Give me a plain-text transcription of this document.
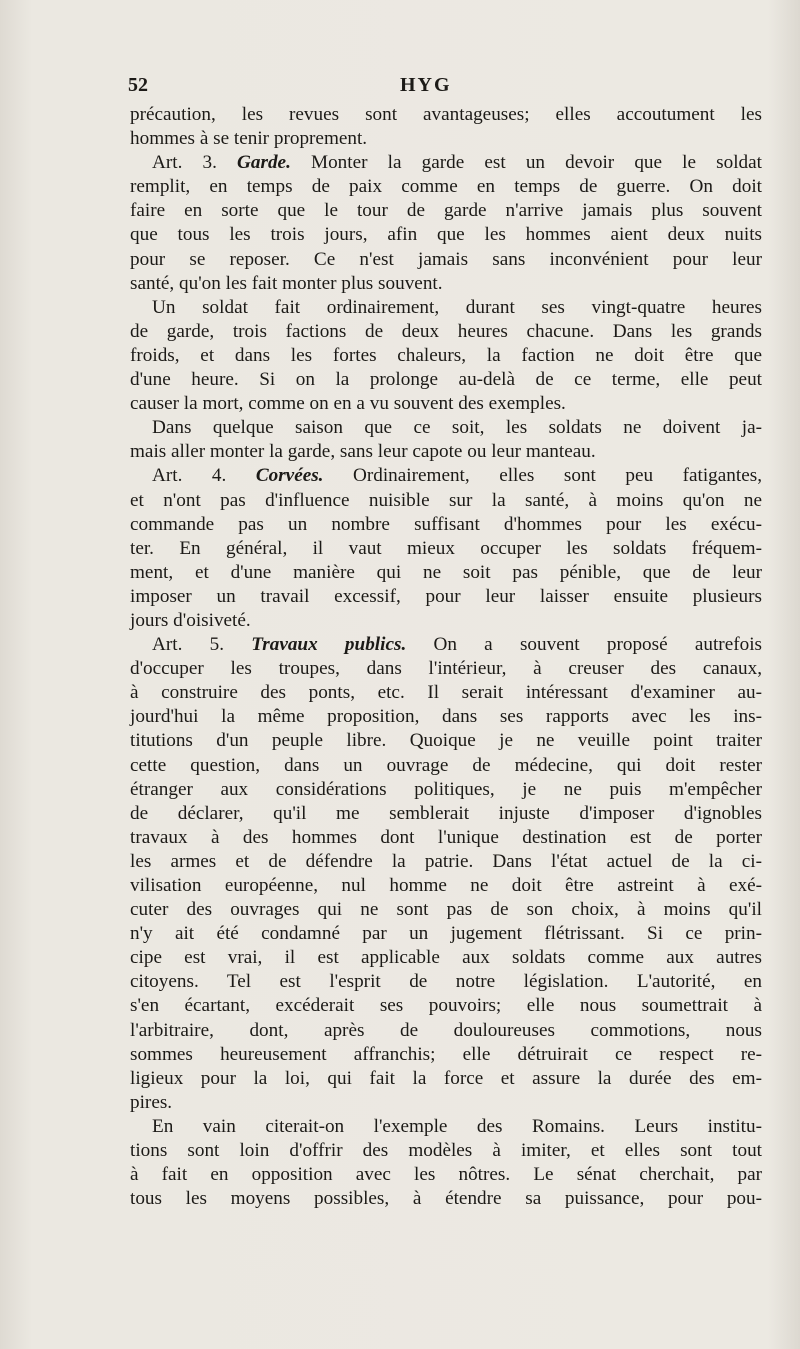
52	HYG
précaution, les revues sont avantageuses; elles accoutument les
hommes à se tenir proprement.
Art. 3. Garde. Monter la garde est un devoir que le soldat
remplit, en temps de paix comme en temps de guerre. On doit
faire en sorte que le tour de garde n'arrive jamais plus souvent
que tous les trois jours, afin que les hommes aient deux nuits
pour se reposer. Ce n'est jamais sans inconvénient pour leur
santé, qu'on les fait monter plus souvent.
Un soldat fait ordinairement, durant ses vingt-quatre heures
de garde, trois factions de deux heures chacune. Dans les grands
froids, et dans les fortes chaleurs, la faction ne doit être que
d'une heure. Si on la prolonge au-delà de ce terme, elle peut
causer la mort, comme on en a vu souvent des exemples.
Dans quelque saison que ce soit, les soldats ne doivent ja-
mais aller monter la garde, sans leur capote ou leur manteau.
Art. 4. Corvées. Ordinairement, elles sont peu fatigantes,
et n'ont pas d'influence nuisible sur la santé, à moins qu'on ne
commande pas un nombre suffisant d'hommes pour les exécu-
ter. En général, il vaut mieux occuper les soldats fréquem-
ment, et d'une manière qui ne soit pas pénible, que de leur
imposer un travail excessif, pour leur laisser ensuite plusieurs
jours d'oisiveté.
Art. 5. Travaux publics. On a souvent proposé autrefois
d'occuper les troupes, dans l'intérieur, à creuser des canaux,
à construire des ponts, etc. Il serait intéressant d'examiner au-
jourd'hui la même proposition, dans ses rapports avec les ins-
titutions d'un peuple libre. Quoique je ne veuille point traiter
cette question, dans un ouvrage de médecine, qui doit rester
étranger aux considérations politiques, je ne puis m'empêcher
de déclarer, qu'il me semblerait injuste d'imposer d'ignobles
travaux à des hommes dont l'unique destination est de porter
les armes et de défendre la patrie. Dans l'état actuel de la ci-
vilisation européenne, nul homme ne doit être astreint à exé-
cuter des ouvrages qui ne sont pas de son choix, à moins qu'il
n'y ait été condamné par un jugement flétrissant. Si ce prin-
cipe est vrai, il est applicable aux soldats comme aux autres
citoyens. Tel est l'esprit de notre législation. L'autorité, en
s'en écartant, excéderait ses pouvoirs; elle nous soumettrait à
l'arbitraire, dont, après de douloureuses commotions, nous
sommes heureusement affranchis; elle détruirait ce respect re-
ligieux pour la loi, qui fait la force et assure la durée des em-
pires.
En vain citerait-on l'exemple des Romains. Leurs institu-
tions sont loin d'offrir des modèles à imiter, et elles sont tout
à fait en opposition avec les nôtres. Le sénat cherchait, par
tous les moyens possibles, à étendre sa puissance, pour pou-
